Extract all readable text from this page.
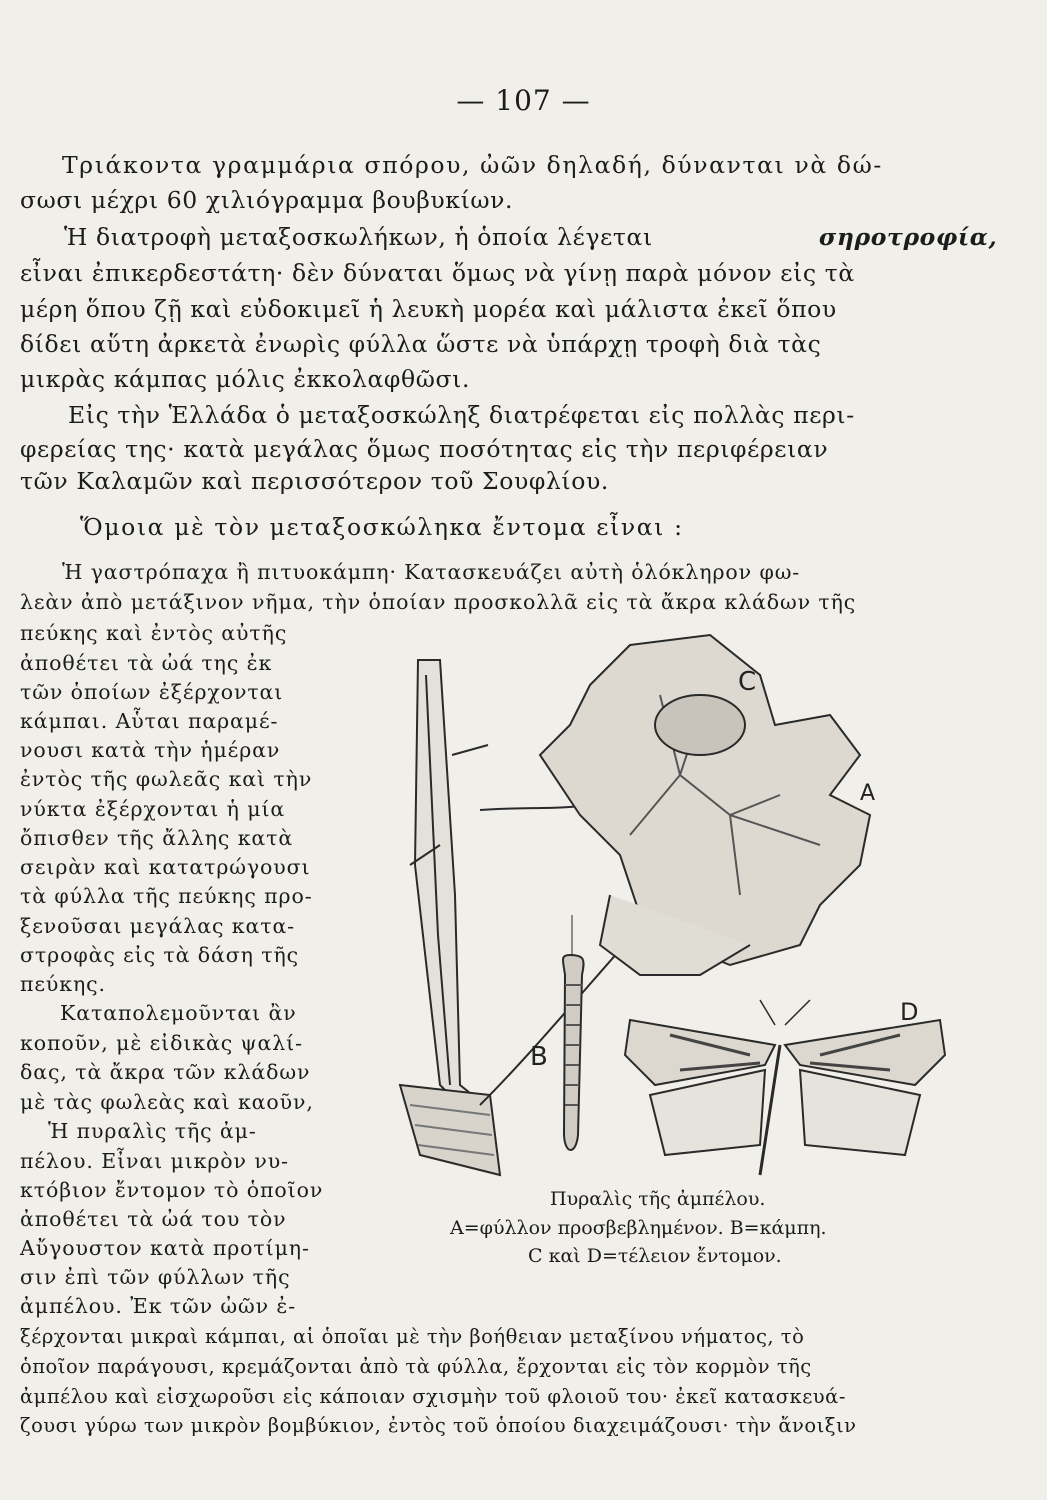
— 107 —
Τριάκοντα γραμμάρια σπόρου, ὠῶν δηλαδή, δύνανται νὰ δώ-
σωσι μέχρι 60 χιλιόγραμμα βουβυκίων.
Ἡ διατροφὴ μεταξοσκωλήκων, ἡ ὁποία λέγεται	σηροτροφία,
εἶναι ἐπικερδεστάτη· δὲν δύναται ὅμως νὰ γίνῃ παρὰ μόνον εἰς τὰ
μέρη ὅπου ζῇ καὶ εὐδοκιμεῖ ἡ λευκὴ μορέα καὶ μάλιστα ἐκεῖ ὅπου
δίδει αὕτη ἀρκετὰ ἐνωρὶς φύλλα ὥστε νὰ ὑπάρχῃ τροφὴ διὰ τὰς
μικρὰς κάμπας μόλις ἐκκολαφθῶσι.
Εἰς τὴν Ἑλλάδα ὁ μεταξοσκώληξ διατρέφεται εἰς πολλὰς περι-
φερείας της· κατὰ μεγάλας ὅμως ποσότητας εἰς τὴν περιφέρειαν
τῶν Καλαμῶν καὶ περισσότερον τοῦ Σουφλίου.
Ὅμοια μὲ τὸν μεταξοσκώληκα ἔντομα εἶναι :
Ἡ γαστρόπαχα ἢ πιτυοκάμπη· Κατασκευάζει αὐτὴ ὁλόκληρον φω-
λεὰν ἀπὸ μετάξινον νῆμα, τὴν ὁποίαν προσκολλᾶ εἰς τὰ ἄκρα κλάδων τῆς
πεύκης καὶ ἐντὸς αὐτῆς
ἀποθέτει τὰ ὠά της ἐκ
τῶν ὁποίων ἐξέρχονται
κάμπαι. Αὗται παραμέ-
νουσι κατὰ τὴν ἡμέραν
ἐντὸς τῆς φωλεᾶς καὶ τὴν
νύκτα ἐξέρχονται ἡ μία
ὄπισθεν τῆς ἄλλης κατὰ
σειρὰν καὶ κατατρώγουσι
τὰ φύλλα τῆς πεύκης προ-
ξενοῦσαι μεγάλας κατα-
στροφὰς εἰς τὰ δάση τῆς
πεύκης.
Καταπολεμοῦνται ἂν
κοποῦν, μὲ εἰδικὰς ψαλί-
δας, τὰ ἄκρα τῶν κλάδων
μὲ τὰς φωλεὰς καὶ καοῦν,
Ἡ πυραλὶς τῆς ἀμ-
πέλου. Εἶναι μικρὸν νυ-
κτόβιον ἔντομον τὸ ὁποῖον
ἀποθέτει τὰ ὠά του τὸν
Αὔγουστον κατὰ προτίμη-
σιν ἐπὶ τῶν φύλλων τῆς
ἀμπέλου. Ἐκ τῶν ὠῶν ἐ-
ξέρχονται μικραὶ κάμπαι, αἱ ὁποῖαι μὲ τὴν βοήθειαν μεταξίνου νήματος, τὸ
ὁποῖον παράγουσι, κρεμάζονται ἀπὸ τὰ φύλλα, ἔρχονται εἰς τὸν κορμὸν τῆς
ἀμπέλου καὶ εἰσχωροῦσι εἰς κάποιαν σχισμὴν τοῦ φλοιοῦ του· ἐκεῖ κατασκευά-
ζουσι γύρω των μικρὸν βομβύκιον, ἐντὸς τοῦ ὁποίου διαχειμάζουσι· τὴν ἄνοιξιν
C
A
B
D
Πυραλὶς τῆς ἀμπέλου.
A=φύλλον προσβεβλημένον. B=κάμπη.
C καὶ D=τέλειον ἔντομον.
